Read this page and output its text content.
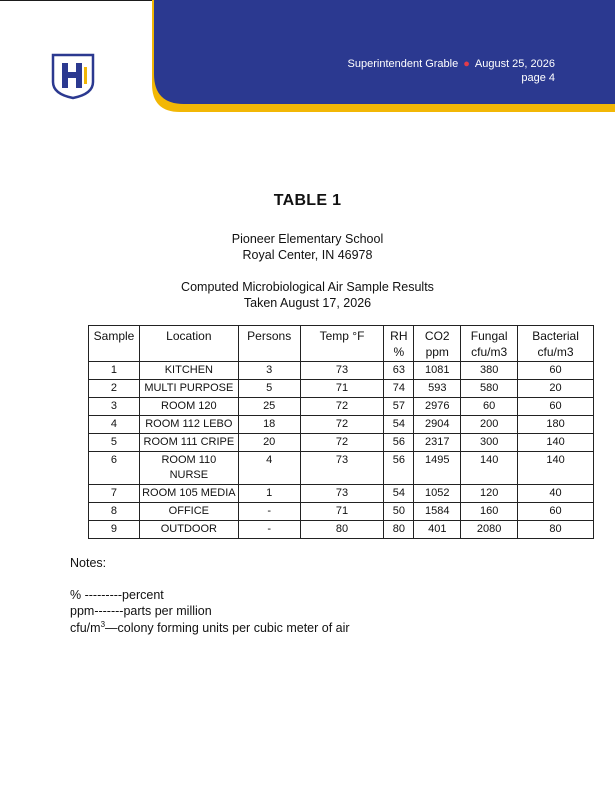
Superintendent Grable ● August 25, 2026
page 4
TABLE 1
Pioneer Elementary School
Royal Center, IN 46978
Computed Microbiological Air Sample Results
Taken August 17, 2026
Sample	Location	Persons	Temp °F	RH %	CO2 ppm	Fungal cfu/m3	Bacterial cfu/m3
1	KITCHEN	3	73	63	1081	380	60
2	MULTI PURPOSE	5	71	74	593	580	20
3	ROOM 120	25	72	57	2976	60	60
4	ROOM 112 LEBO	18	72	54	2904	200	180
5	ROOM 111 CRIPE	20	72	56	2317	300	140
6	ROOM 110 NURSE	4	73	56	1495	140	140
7	ROOM 105 MEDIA	1	73	54	1052	120	40
8	OFFICE	-	71	50	1584	160	60
9	OUTDOOR	-	80	80	401	2080	80
Notes:
% ---------percent
ppm-------parts per million
cfu/$m^3—colony$ forming units per cubic meter of air
